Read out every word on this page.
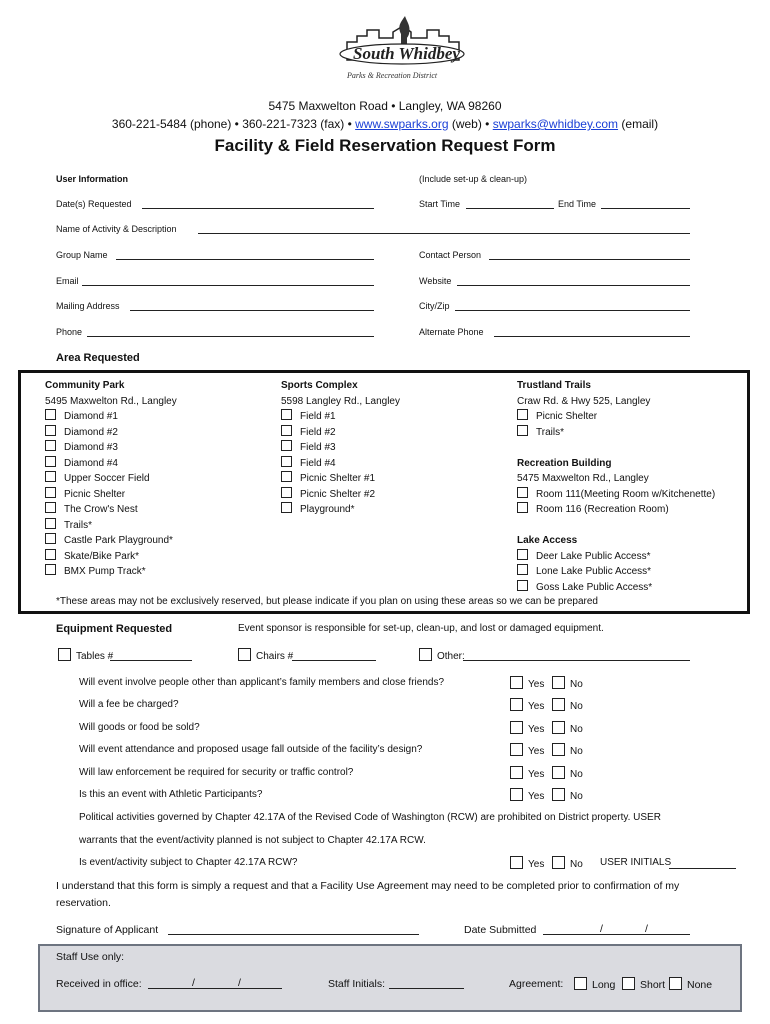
South Whidbey
Parks & Recreation District
5475 Maxwelton Road • Langley, WA 98260
360-221-5484 (phone) • 360-221-7323 (fax) • www.swparks.org (web) • swparks@whidbey.com (email)
Facility & Field Reservation Request Form
User Information	(Include set-up & clean-up)
Date(s) Requested	Start Time	End Time
Name of Activity & Description
Group Name	Contact Person
Email	Website
Mailing Address	City/Zip
Phone	Alternate Phone
Area Requested
Community Park
5495 Maxwelton Rd., Langley
Diamond #1
Diamond #2
Diamond #3
Diamond #4
Upper Soccer Field
Picnic Shelter
The Crow's Nest
Trails*
Castle Park Playground*
Skate/Bike Park*
BMX Pump Track*
Sports Complex
5598 Langley Rd., Langley
Field #1
Field #2
Field #3
Field #4
Picnic Shelter #1
Picnic Shelter #2
Playground*
Trustland Trails
Craw Rd. & Hwy 525, Langley
Picnic Shelter
Trails*
Recreation Building
5475 Maxwelton Rd., Langley
Room 111(Meeting Room w/Kitchenette)
Room 116 (Recreation Room)
Lake Access
Deer Lake Public Access*
Lone Lake Public Access*
Goss Lake Public Access*
*These areas may not be exclusively reserved, but please indicate if you plan on using these areas so we can be prepared
Equipment Requested	Event sponsor is responsible for set-up, clean-up, and lost or damaged equipment.
Tables #	Chairs #	Other:
Will event involve people other than applicant’s family members and close friends?	Yes	No
Will a fee be charged?	Yes	No
Will goods or food be sold?	Yes	No
Will event attendance and proposed usage fall outside of the facility’s design?	Yes	No
Will law enforcement be required for security or traffic control?	Yes	No
Is this an event with Athletic Participants?	Yes	No
Political activities governed by Chapter 42.17A of the Revised Code of Washington (RCW) are prohibited on District property. USER
warrants that the event/activity planned is not subject to Chapter 42.17A RCW.
Is event/activity subject to Chapter 42.17A RCW?	Yes	No USER INITIALS
I understand that this form is simply a request and that a Facility Use Agreement may need to be completed prior to confirmation of my
reservation.
Signature of Applicant	Date Submitted	/	/
Staff Use only:
Received in office:	/	/	Staff Initials:	Agreement:	Long	Short	None
